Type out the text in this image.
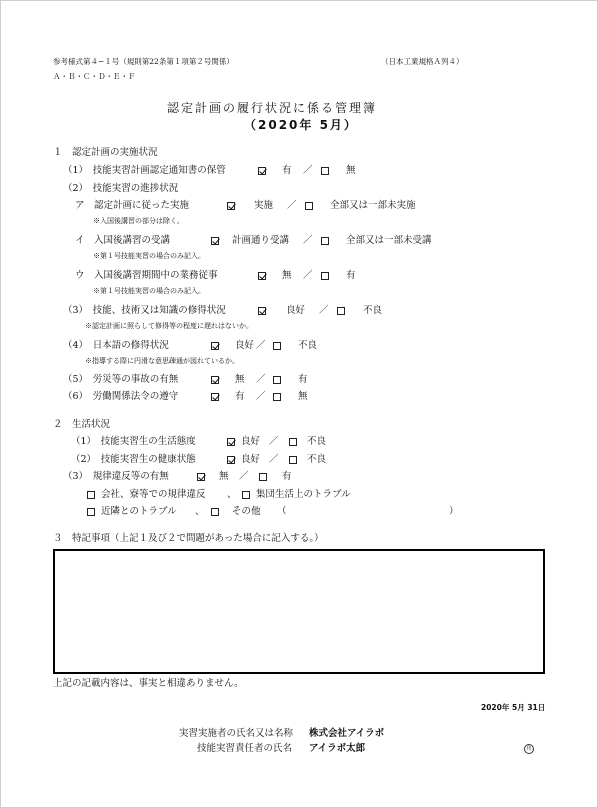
参考様式第４−１号（規則第22条第１項第２号関係）	（日本工業規格Ａ列４）
Ａ・Ｂ・Ｃ・Ｄ・Ｅ・Ｆ
認定計画の履行状況に係る管理簿
（2020年 5月）
１　認定計画の実施状況
（1）　技能実習計画認定通知書の保管	有 ／	無
（2）　技能実習の進捗状況
ア　認定計画に従った実施	実施 ／	全部又は一部未実施
※入国後講習の部分は除く。
イ　入国後講習の受講	計画通り受講 ／	全部又は一部未受講
※第１号技能実習の場合のみ記入。
ウ　入国後講習期間中の業務従事	無 ／	有
※第１号技能実習の場合のみ記入。
（3）　技能、技術又は知識の修得状況	良好 ／	不良
※認定計画に照らして修得等の程度に遅れはないか。
（4）　日本語の修得状況	良好 ／	不良
※指導する際に円滑な意思疎通が図れているか。
（5）　労災等の事故の有無	無 ／	有
（6）　労働関係法令の遵守	有 ／	無
２　生活状況
（1）　技能実習生の生活態度	良好 ／	不良
（2）　技能実習生の健康状態	良好 ／	不良
（3）　規律違反等の有無	無 ／	有
会社、寮等での規律違反 、 集団生活上のトラブル
近隣とのトラブル 、	その他 （	）
３　特記事項（上記１及び２で問題があった場合に記入する。）
上記の記載内容は、事実と相違ありません。
2020年 5月 31日
実習実施者の氏名又は名称 株式会社アイラボ
技能実習責任者の氏名 アイラボ太郎	印
